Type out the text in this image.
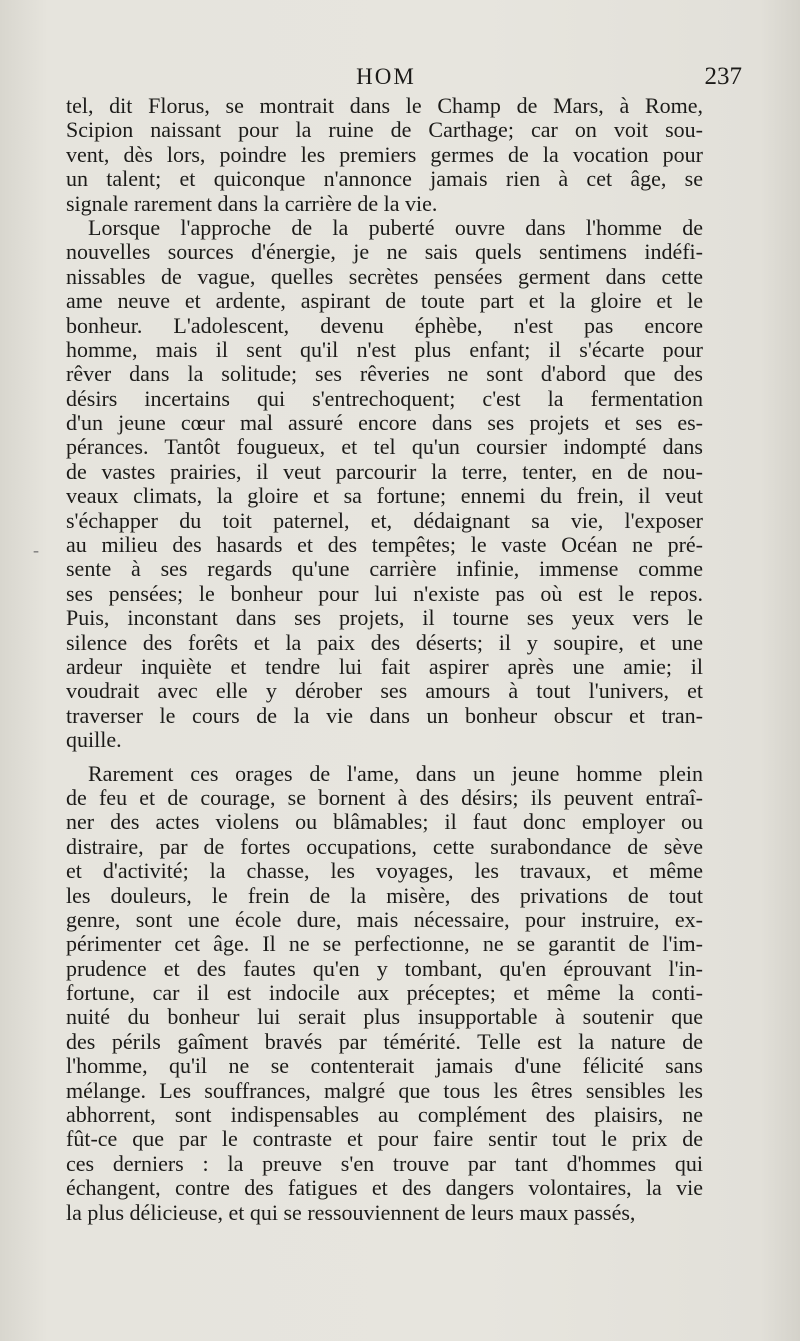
HOM	237
-
tel, dit Florus, se montrait dans le Champ de Mars, à Rome,
Scipion naissant pour la ruine de Carthage; car on voit sou-
vent, dès lors, poindre les premiers germes de la vocation pour
un talent; et quiconque n'annonce jamais rien à cet âge, se
signale rarement dans la carrière de la vie.
Lorsque l'approche de la puberté ouvre dans l'homme de
nouvelles sources d'énergie, je ne sais quels sentimens indéfi-
nissables de vague, quelles secrètes pensées germent dans cette
ame neuve et ardente, aspirant de toute part et la gloire et le
bonheur. L'adolescent, devenu éphèbe, n'est pas encore
homme, mais il sent qu'il n'est plus enfant; il s'écarte pour
rêver dans la solitude; ses rêveries ne sont d'abord que des
désirs incertains qui s'entrechoquent; c'est la fermentation
d'un jeune cœur mal assuré encore dans ses projets et ses es-
pérances. Tantôt fougueux, et tel qu'un coursier indompté dans
de vastes prairies, il veut parcourir la terre, tenter, en de nou-
veaux climats, la gloire et sa fortune; ennemi du frein, il veut
s'échapper du toit paternel, et, dédaignant sa vie, l'exposer
au milieu des hasards et des tempêtes; le vaste Océan ne pré-
sente à ses regards qu'une carrière infinie, immense comme
ses pensées; le bonheur pour lui n'existe pas où est le repos.
Puis, inconstant dans ses projets, il tourne ses yeux vers le
silence des forêts et la paix des déserts; il y soupire, et une
ardeur inquiète et tendre lui fait aspirer après une amie; il
voudrait avec elle y dérober ses amours à tout l'univers, et
traverser le cours de la vie dans un bonheur obscur et tran-
quille.
Rarement ces orages de l'ame, dans un jeune homme plein
de feu et de courage, se bornent à des désirs; ils peuvent entraî-
ner des actes violens ou blâmables; il faut donc employer ou
distraire, par de fortes occupations, cette surabondance de sève
et d'activité; la chasse, les voyages, les travaux, et même
les douleurs, le frein de la misère, des privations de tout
genre, sont une école dure, mais nécessaire, pour instruire, ex-
périmenter cet âge. Il ne se perfectionne, ne se garantit de l'im-
prudence et des fautes qu'en y tombant, qu'en éprouvant l'in-
fortune, car il est indocile aux préceptes; et même la conti-
nuité du bonheur lui serait plus insupportable à soutenir que
des périls gaîment bravés par témérité. Telle est la nature de
l'homme, qu'il ne se contenterait jamais d'une félicité sans
mélange. Les souffrances, malgré que tous les êtres sensibles les
abhorrent, sont indispensables au complément des plaisirs, ne
fût-ce que par le contraste et pour faire sentir tout le prix de
ces derniers : la preuve s'en trouve par tant d'hommes qui
échangent, contre des fatigues et des dangers volontaires, la vie
la plus délicieuse, et qui se ressouviennent de leurs maux passés,
